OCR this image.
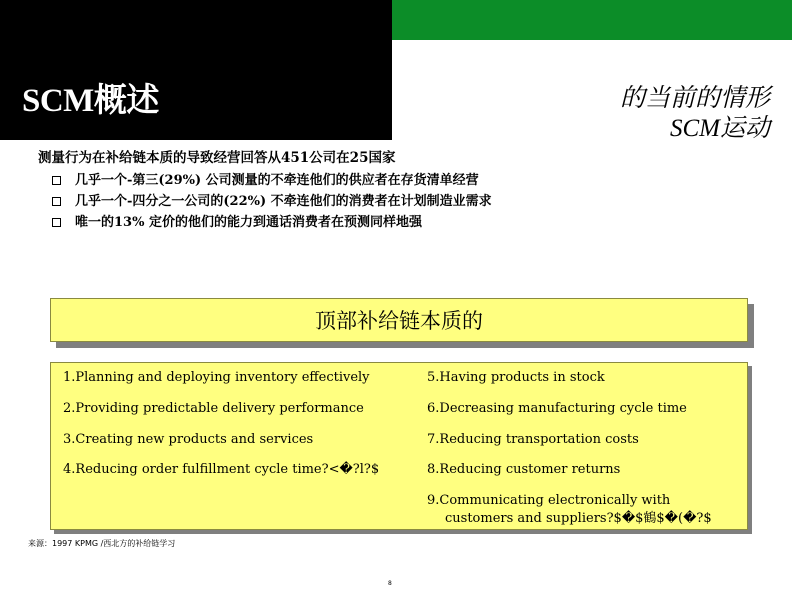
SCM概述	的当前的情形
SCM运动
测量行为在补给链本质的导致经营回答从451公司在25国家
几乎一个-第三(29%) 公司测量的不牵连他们的供应者在存货清单经营
几乎一个-四分之一公司的(22%) 不牵连他们的消费者在计划制造业需求
唯一的13% 定价的他们的能力到通话消费者在预测同样地强
顶部补给链本质的
1.Planning and deploying inventory effectively
2.Providing predictable delivery performance
3.Creating new products and services
4.Reducing order fulfillment cycle time?<�?l?$
5.Having products in stock
6.Decreasing manufacturing cycle time
7.Reducing transportation costs
8.Reducing customer returns
9.Communicating electronically with
customers and suppliers?$�$鶴$�(�?$
来源：1997 KPMG /西北方的补给链学习
8
